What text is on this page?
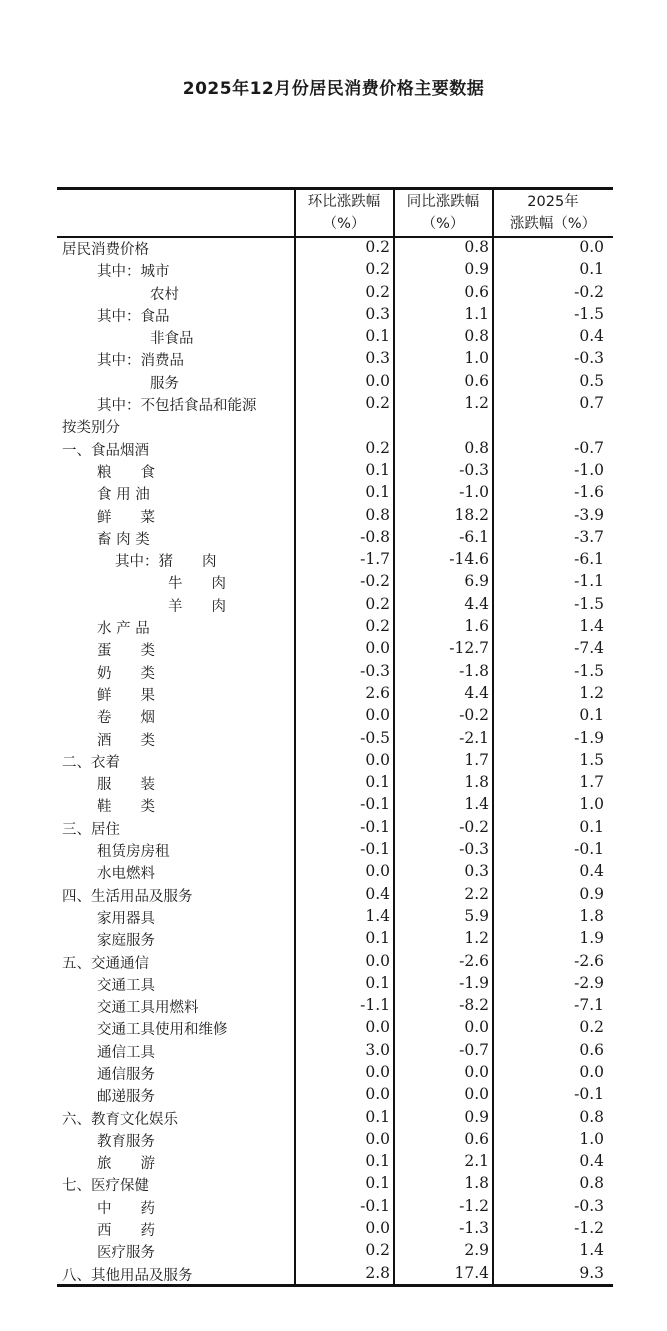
2025年12月份居民消费价格主要数据
环比涨跌幅
（%）
同比涨跌幅
（%）
2025年
涨跌幅（%）
居民消费价格	0.2	0.8	0.0
其中：城市	0.2	0.9	0.1
农村	0.2	0.6	-0.2
其中：食品	0.3	1.1	-1.5
非食品	0.1	0.8	0.4
其中：消费品	0.3	1.0	-0.3
服务	0.0	0.6	0.5
其中：不包括食品和能源	0.2	1.2	0.7
按类别分
一、食品烟酒	0.2	0.8	-0.7
粮　　食	0.1	-0.3	-1.0
食 用 油	0.1	-1.0	-1.6
鲜　　菜	0.8	18.2	-3.9
畜 肉 类	-0.8	-6.1	-3.7
其中：猪　　肉	-1.7	-14.6	-6.1
牛　　肉	-0.2	6.9	-1.1
羊　　肉	0.2	4.4	-1.5
水 产 品	0.2	1.6	1.4
蛋　　类	0.0	-12.7	-7.4
奶　　类	-0.3	-1.8	-1.5
鲜　　果	2.6	4.4	1.2
卷　　烟	0.0	-0.2	0.1
酒　　类	-0.5	-2.1	-1.9
二、衣着	0.0	1.7	1.5
服　　装	0.1	1.8	1.7
鞋　　类	-0.1	1.4	1.0
三、居住	-0.1	-0.2	0.1
租赁房房租	-0.1	-0.3	-0.1
水电燃料	0.0	0.3	0.4
四、生活用品及服务	0.4	2.2	0.9
家用器具	1.4	5.9	1.8
家庭服务	0.1	1.2	1.9
五、交通通信	0.0	-2.6	-2.6
交通工具	0.1	-1.9	-2.9
交通工具用燃料	-1.1	-8.2	-7.1
交通工具使用和维修	0.0	0.0	0.2
通信工具	3.0	-0.7	0.6
通信服务	0.0	0.0	0.0
邮递服务	0.0	0.0	-0.1
六、教育文化娱乐	0.1	0.9	0.8
教育服务	0.0	0.6	1.0
旅　　游	0.1	2.1	0.4
七、医疗保健	0.1	1.8	0.8
中　　药	-0.1	-1.2	-0.3
西　　药	0.0	-1.3	-1.2
医疗服务	0.2	2.9	1.4
八、其他用品及服务	2.8	17.4	9.3
